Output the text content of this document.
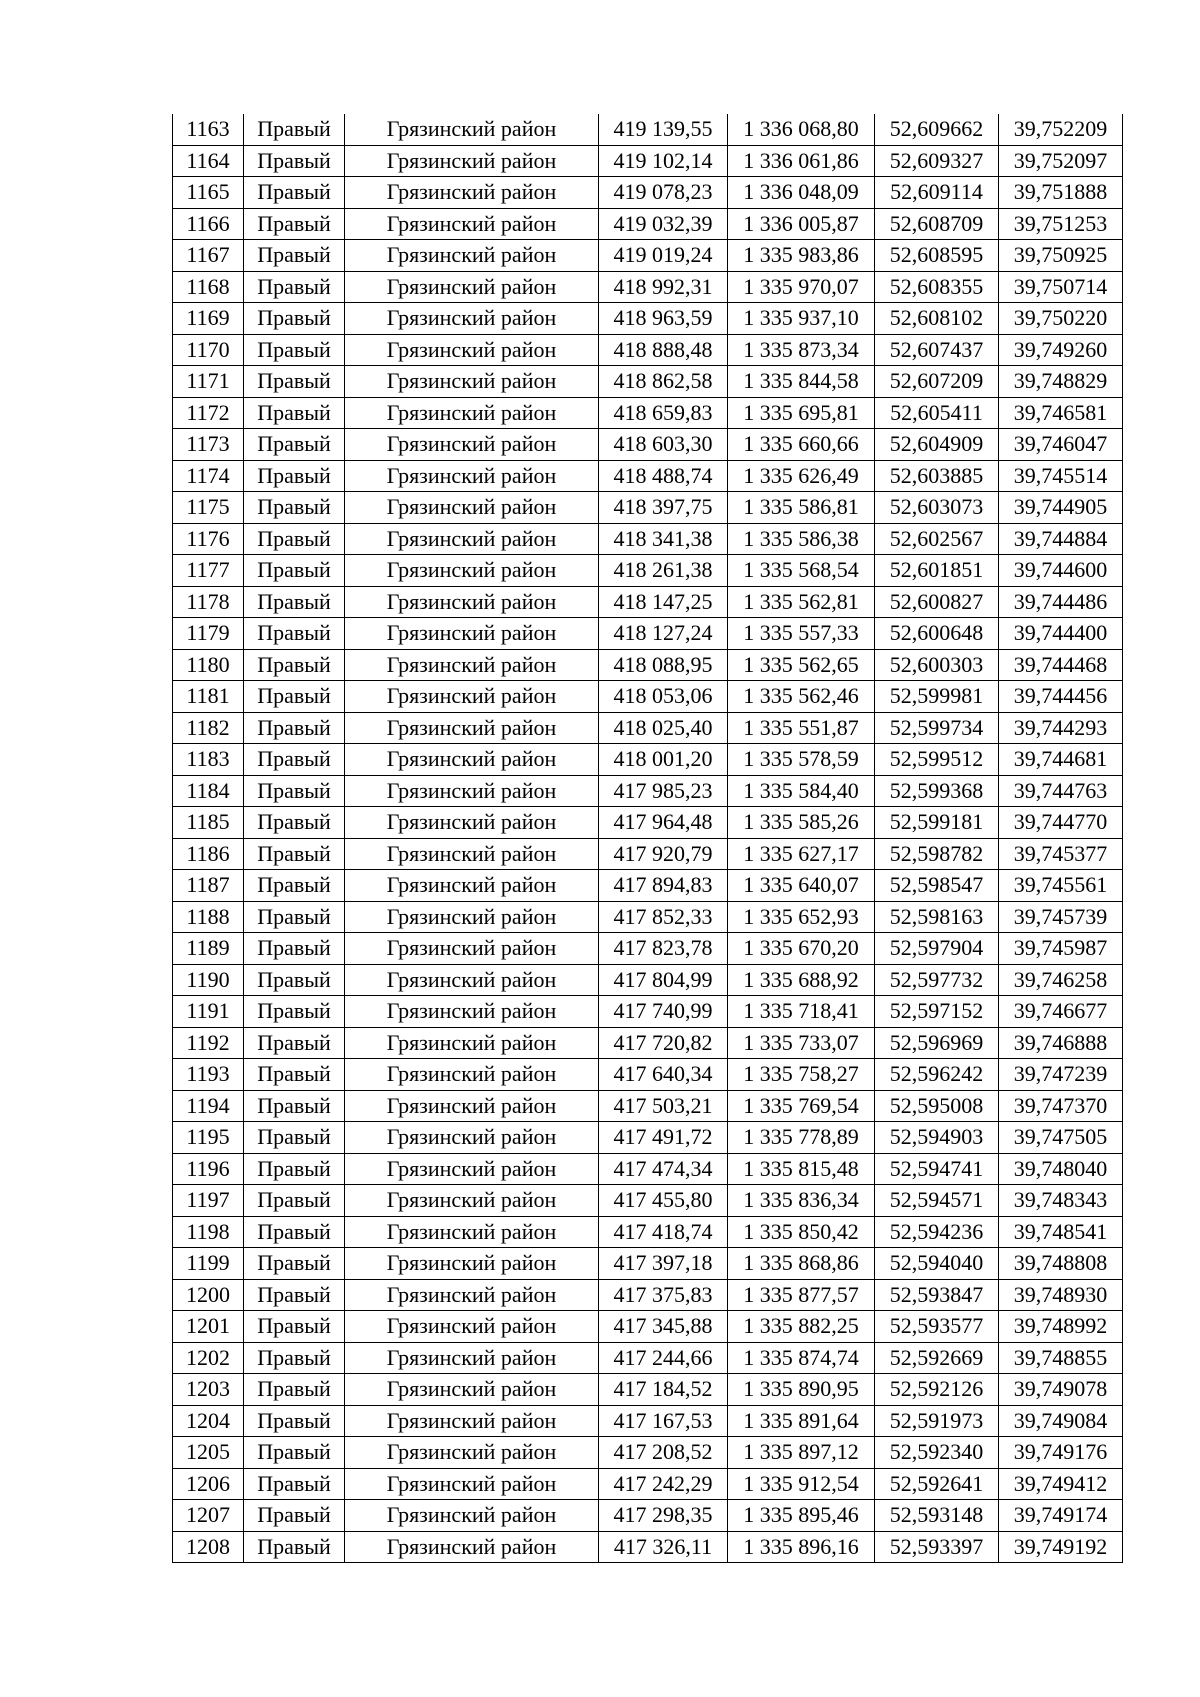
1163	Правый	Грязинский район	419 139,55	1 336 068,80	52,609662	39,752209
1164	Правый	Грязинский район	419 102,14	1 336 061,86	52,609327	39,752097
1165	Правый	Грязинский район	419 078,23	1 336 048,09	52,609114	39,751888
1166	Правый	Грязинский район	419 032,39	1 336 005,87	52,608709	39,751253
1167	Правый	Грязинский район	419 019,24	1 335 983,86	52,608595	39,750925
1168	Правый	Грязинский район	418 992,31	1 335 970,07	52,608355	39,750714
1169	Правый	Грязинский район	418 963,59	1 335 937,10	52,608102	39,750220
1170	Правый	Грязинский район	418 888,48	1 335 873,34	52,607437	39,749260
1171	Правый	Грязинский район	418 862,58	1 335 844,58	52,607209	39,748829
1172	Правый	Грязинский район	418 659,83	1 335 695,81	52,605411	39,746581
1173	Правый	Грязинский район	418 603,30	1 335 660,66	52,604909	39,746047
1174	Правый	Грязинский район	418 488,74	1 335 626,49	52,603885	39,745514
1175	Правый	Грязинский район	418 397,75	1 335 586,81	52,603073	39,744905
1176	Правый	Грязинский район	418 341,38	1 335 586,38	52,602567	39,744884
1177	Правый	Грязинский район	418 261,38	1 335 568,54	52,601851	39,744600
1178	Правый	Грязинский район	418 147,25	1 335 562,81	52,600827	39,744486
1179	Правый	Грязинский район	418 127,24	1 335 557,33	52,600648	39,744400
1180	Правый	Грязинский район	418 088,95	1 335 562,65	52,600303	39,744468
1181	Правый	Грязинский район	418 053,06	1 335 562,46	52,599981	39,744456
1182	Правый	Грязинский район	418 025,40	1 335 551,87	52,599734	39,744293
1183	Правый	Грязинский район	418 001,20	1 335 578,59	52,599512	39,744681
1184	Правый	Грязинский район	417 985,23	1 335 584,40	52,599368	39,744763
1185	Правый	Грязинский район	417 964,48	1 335 585,26	52,599181	39,744770
1186	Правый	Грязинский район	417 920,79	1 335 627,17	52,598782	39,745377
1187	Правый	Грязинский район	417 894,83	1 335 640,07	52,598547	39,745561
1188	Правый	Грязинский район	417 852,33	1 335 652,93	52,598163	39,745739
1189	Правый	Грязинский район	417 823,78	1 335 670,20	52,597904	39,745987
1190	Правый	Грязинский район	417 804,99	1 335 688,92	52,597732	39,746258
1191	Правый	Грязинский район	417 740,99	1 335 718,41	52,597152	39,746677
1192	Правый	Грязинский район	417 720,82	1 335 733,07	52,596969	39,746888
1193	Правый	Грязинский район	417 640,34	1 335 758,27	52,596242	39,747239
1194	Правый	Грязинский район	417 503,21	1 335 769,54	52,595008	39,747370
1195	Правый	Грязинский район	417 491,72	1 335 778,89	52,594903	39,747505
1196	Правый	Грязинский район	417 474,34	1 335 815,48	52,594741	39,748040
1197	Правый	Грязинский район	417 455,80	1 335 836,34	52,594571	39,748343
1198	Правый	Грязинский район	417 418,74	1 335 850,42	52,594236	39,748541
1199	Правый	Грязинский район	417 397,18	1 335 868,86	52,594040	39,748808
1200	Правый	Грязинский район	417 375,83	1 335 877,57	52,593847	39,748930
1201	Правый	Грязинский район	417 345,88	1 335 882,25	52,593577	39,748992
1202	Правый	Грязинский район	417 244,66	1 335 874,74	52,592669	39,748855
1203	Правый	Грязинский район	417 184,52	1 335 890,95	52,592126	39,749078
1204	Правый	Грязинский район	417 167,53	1 335 891,64	52,591973	39,749084
1205	Правый	Грязинский район	417 208,52	1 335 897,12	52,592340	39,749176
1206	Правый	Грязинский район	417 242,29	1 335 912,54	52,592641	39,749412
1207	Правый	Грязинский район	417 298,35	1 335 895,46	52,593148	39,749174
1208	Правый	Грязинский район	417 326,11	1 335 896,16	52,593397	39,749192
